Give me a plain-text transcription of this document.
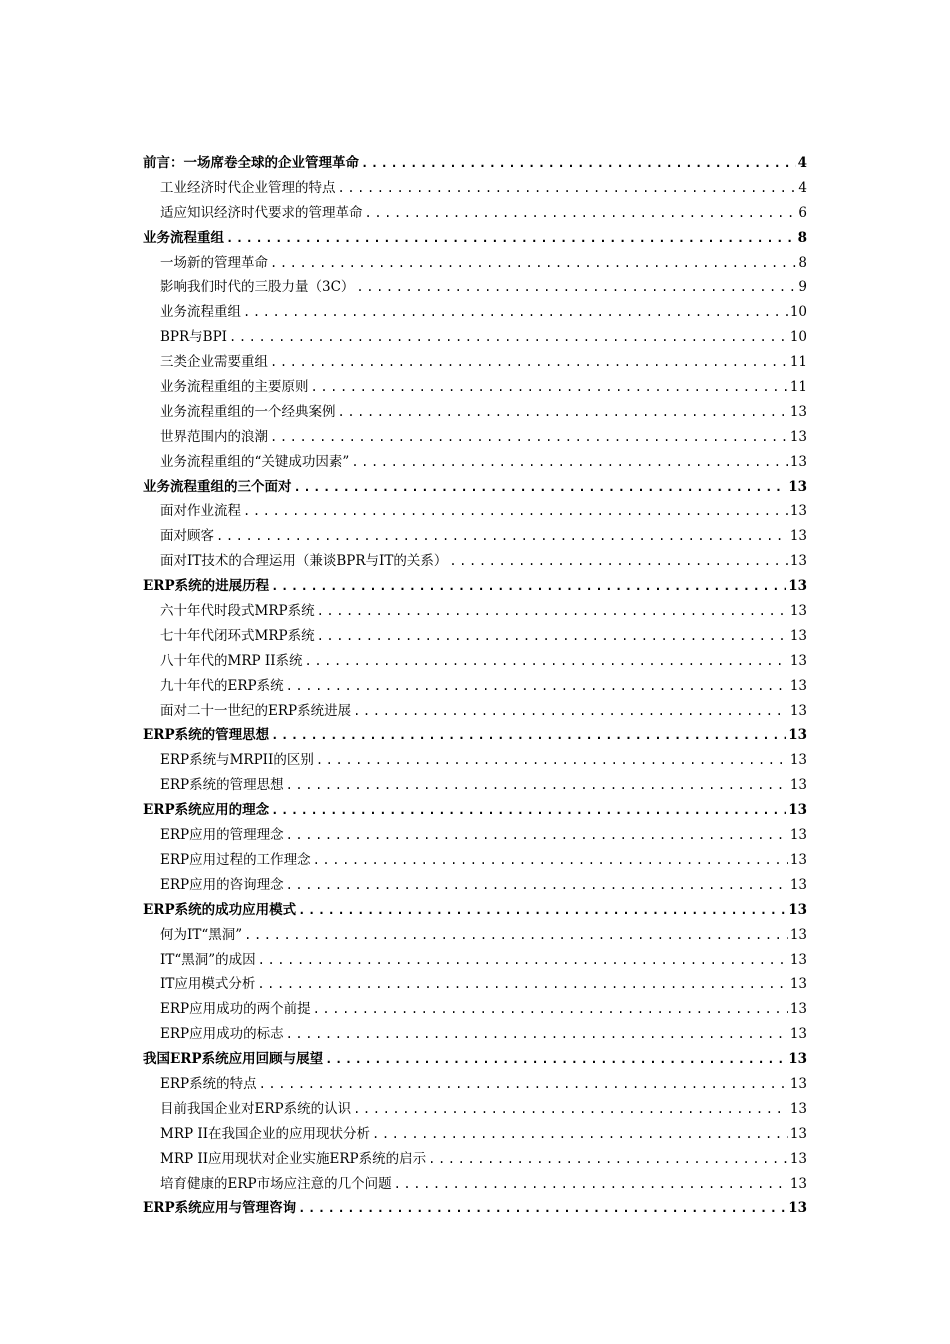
前言：一场席卷全球的企业管理革命 .....	4
工业经济时代企业管理的特点 .....	4
适应知识经济时代要求的管理革命 .....	6
业务流程重组 .....	8
一场新的管理革命 .....	8
影响我们时代的三股力量（3C） .....	9
业务流程重组 .....	10
BPR与BPI .....	10
三类企业需要重组 .....	11
业务流程重组的主要原则 .....	11
业务流程重组的一个经典案例 .....	13
世界范围内的浪潮 .....	13
业务流程重组的“关键成功因素” .....	13
业务流程重组的三个面对 .....	13
面对作业流程 .....	13
面对顾客 .....	13
面对IT技术的合理运用（兼谈BPR与IT的关系） .....	13
ERP系统的进展历程 .....	13
六十年代时段式MRP系统 .....	13
七十年代闭环式MRP系统 .....	13
八十年代的MRP II系统 .....	13
九十年代的ERP系统 .....	13
面对二十一世纪的ERP系统进展 .....	13
ERP系统的管理思想 .....	13
ERP系统与MRPII的区别 .....	13
ERP系统的管理思想 .....	13
ERP系统应用的理念 .....	13
ERP应用的管理理念 .....	13
ERP应用过程的工作理念 .....	13
ERP应用的咨询理念 .....	13
ERP系统的成功应用模式 .....	13
何为IT“黑洞” .....	13
IT“黑洞”的成因 .....	13
IT应用模式分析 .....	13
ERP应用成功的两个前提 .....	13
ERP应用成功的标志 .....	13
我国ERP系统应用回顾与展望 .....	13
ERP系统的特点 .....	13
目前我国企业对ERP系统的认识 .....	13
MRP II在我国企业的应用现状分析 .....	13
MRP II应用现状对企业实施ERP系统的启示 .....	13
培育健康的ERP市场应注意的几个问题 .....	13
ERP系统应用与管理咨询 .....	13
